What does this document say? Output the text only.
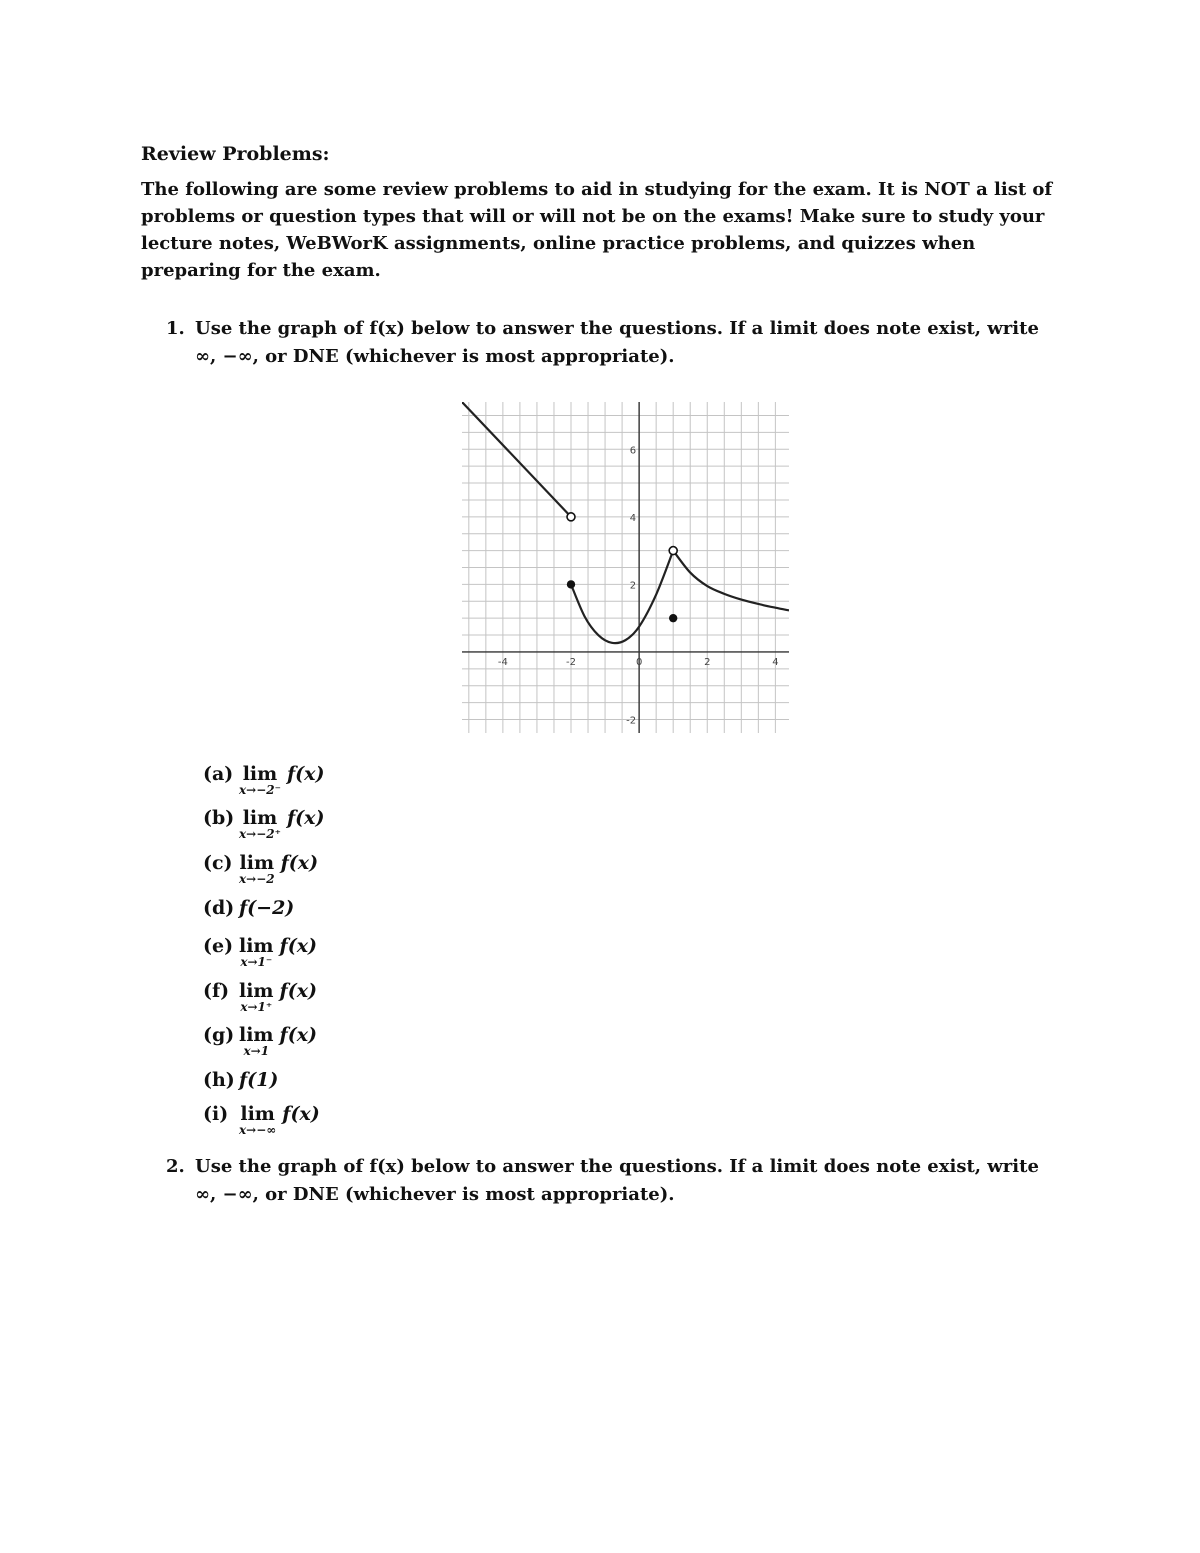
Review Problems:

The following are some review problems to aid in studying for the exam. It is NOT a list of problems or question types that will or will not be on the exams! Make sure to study your lecture notes, WeBWorK assignments, online practice problems, and quizzes when preparing for the exam.

1. Use the graph of f(x) below to answer the questions. If a limit does note exist, write ∞, −∞, or DNE (whichever is most appropriate).
-4	-2	0	2	4
-2
2
4
6
(a) lim
x→−2⁻
f(x)
(b) lim
x→−2⁺
f(x)
(c) lim
x→−2
f(x)
(d) f(−2)
(e) lim
x→1⁻
f(x)
(f) lim
x→1⁺
f(x)
(g) lim
x→1
f(x)
(h) f(1)
(i) lim
x→−∞
f(x)
2. Use the graph of f(x) below to answer the questions. If a limit does note exist, write ∞, −∞, or DNE (whichever is most appropriate).
